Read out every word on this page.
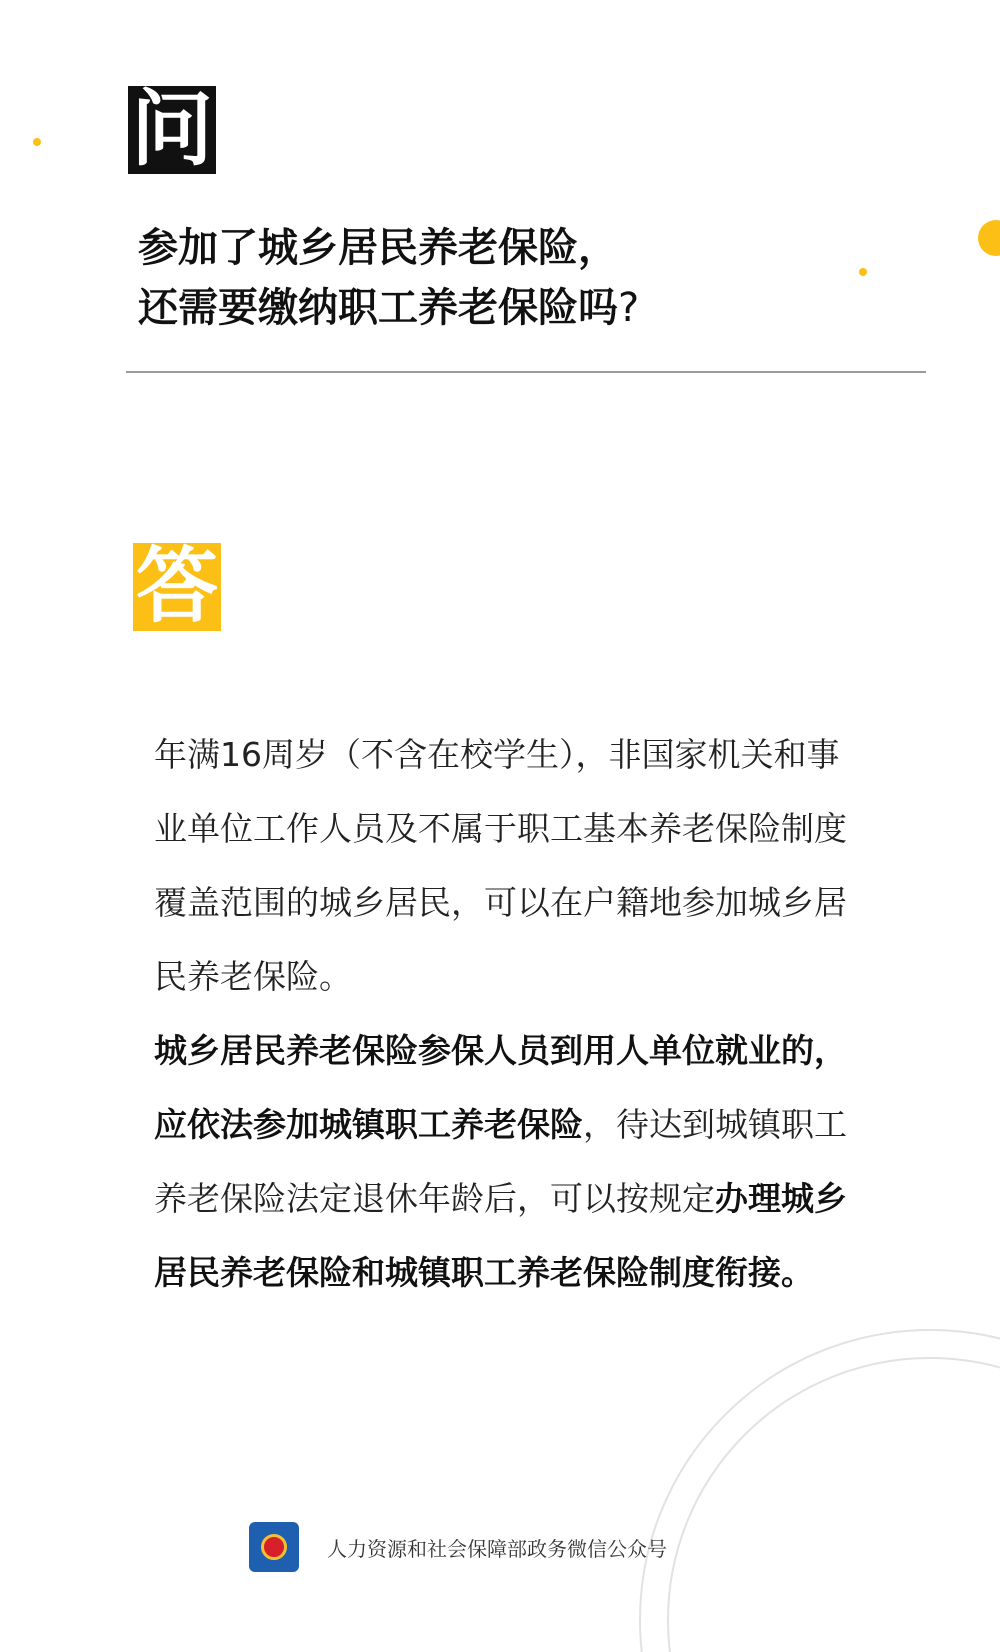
问
参加了城乡居民养老保险，
还需要缴纳职工养老保险吗?
答

年满16周岁（不含在校学生），非国家机关和事业单位工作人员及不属于职工基本养老保险制度覆盖范围的城乡居民，可以在户籍地参加城乡居民养老保险。

城乡居民养老保险参保人员到用人单位就业的，应依法参加城镇职工养老保险，待达到城镇职工养老保险法定退休年龄后，可以按规定办理城乡居民养老保险和城镇职工养老保险制度衔接。

人力资源和社会保障部政务微信公众号
